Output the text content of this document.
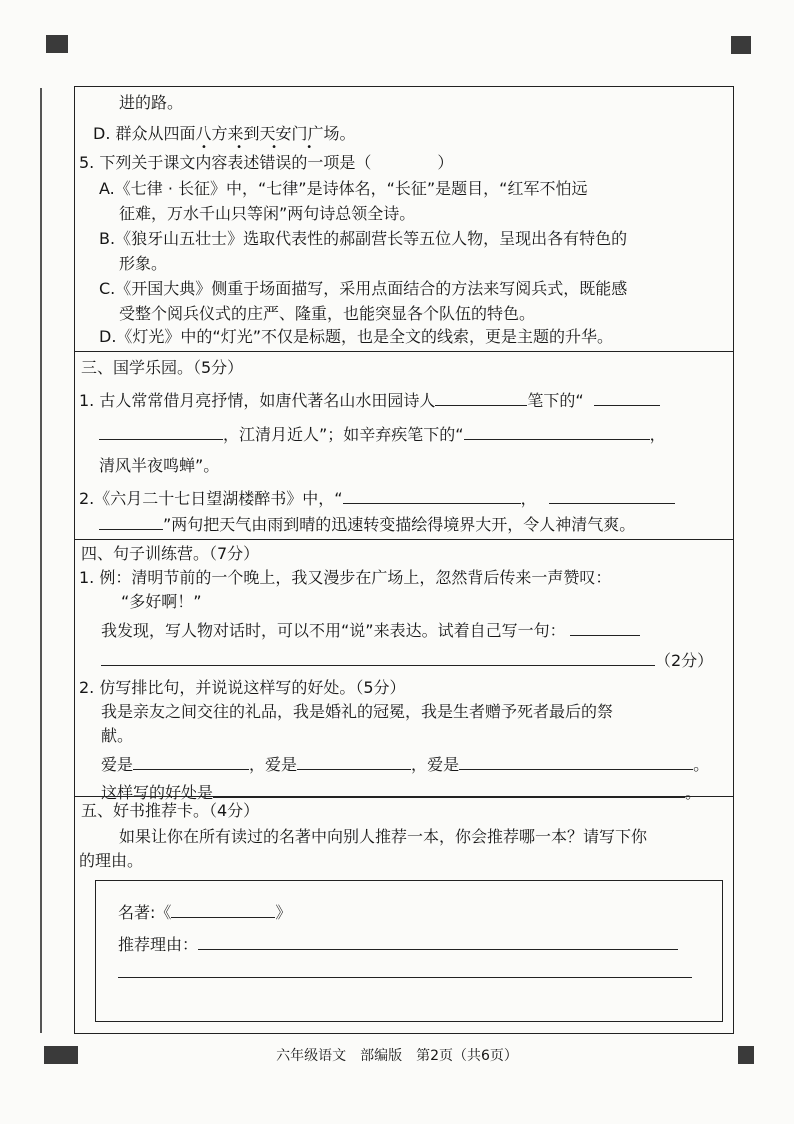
进的路。
D. 群众从四面八方来到天安门广场。
• • • •
5. 下列关于课文内容表述错误的一项是（	）
A.《七律 · 长征》中，“七律”是诗体名，“长征”是题目，“红军不怕远
征难，万水千山只等闲”两句诗总领全诗。
B.《狼牙山五壮士》选取代表性的郝副营长等五位人物，呈现出各有特色的
形象。
C.《开国大典》侧重于场面描写，采用点面结合的方法来写阅兵式，既能感
受整个阅兵仪式的庄严、隆重，也能突显各个队伍的特色。
D.《灯光》中的“灯光”不仅是标题，也是全文的线索，更是主题的升华。
三、国学乐园。（5分）
1. 古人常常借月亮抒情，如唐代著名山水田园诗人	笔下的“
，江清月近人”；如辛弃疾笔下的“	，
清风半夜鸣蝉”。
2.《六月二十七日望湖楼醉书》中，“	，
”两句把天气由雨到晴的迅速转变描绘得境界大开，令人神清气爽。
四、句子训练营。（7分）
1. 例：清明节前的一个晚上，我又漫步在广场上，忽然背后传来一声赞叹：
“多好啊！”
我发现，写人物对话时，可以不用“说”来表达。试着自己写一句：
（2分）
2. 仿写排比句，并说说这样写的好处。（5分）
我是亲友之间交往的礼品，我是婚礼的冠冕，我是生者赠予死者最后的祭
献。
爱是	，爱是	，爱是	。
这样写的好处是	。
五、好书推荐卡。（4分）
如果让你在所有读过的名著中向别人推荐一本，你会推荐哪一本？请写下你
的理由。
名著:《	》
推荐理由：
六年级语文　部编版　第2页（共6页）
